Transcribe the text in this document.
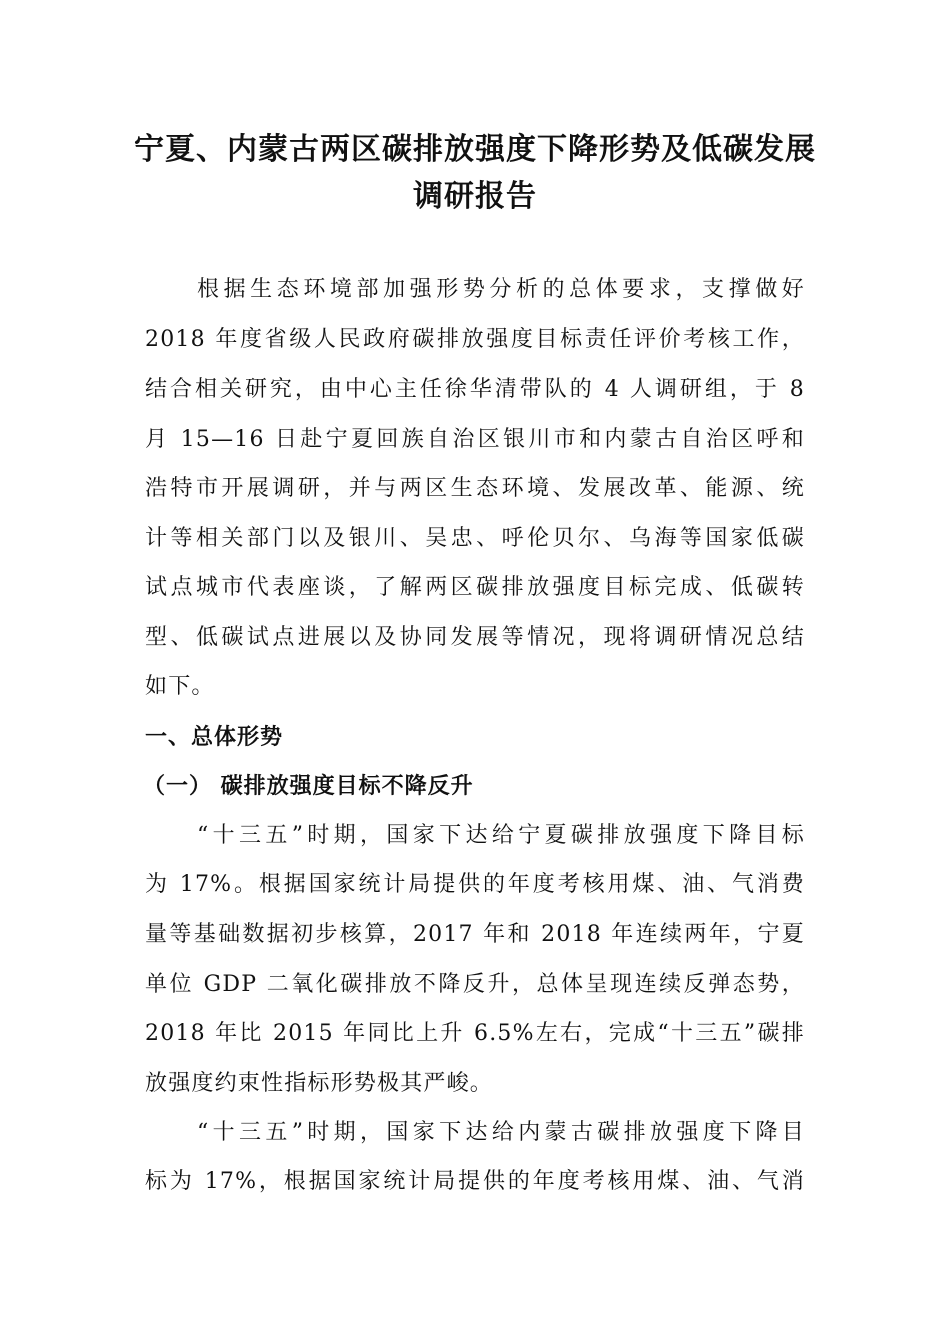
宁夏、内蒙古两区碳排放强度下降形势及低碳发展
调研报告
根据生态环境部加强形势分析的总体要求，支撑做好
2018 年度省级人民政府碳排放强度目标责任评价考核工作，
结合相关研究，由中心主任徐华清带队的 4 人调研组，于 8
月 15—16 日赴宁夏回族自治区银川市和内蒙古自治区呼和
浩特市开展调研，并与两区生态环境、发展改革、能源、统
计等相关部门以及银川、吴忠、呼伦贝尔、乌海等国家低碳
试点城市代表座谈，了解两区碳排放强度目标完成、低碳转
型、低碳试点进展以及协同发展等情况，现将调研情况总结
如下。
一、总体形势
（一） 碳排放强度目标不降反升
“十三五”时期，国家下达给宁夏碳排放强度下降目标
为 17%。根据国家统计局提供的年度考核用煤、油、气消费
量等基础数据初步核算，2017 年和 2018 年连续两年，宁夏
单位 GDP 二氧化碳排放不降反升，总体呈现连续反弹态势，
2018 年比 2015 年同比上升 6.5%左右，完成“十三五”碳排
放强度约束性指标形势极其严峻。
“十三五”时期，国家下达给内蒙古碳排放强度下降目
标为 17%，根据国家统计局提供的年度考核用煤、油、气消
